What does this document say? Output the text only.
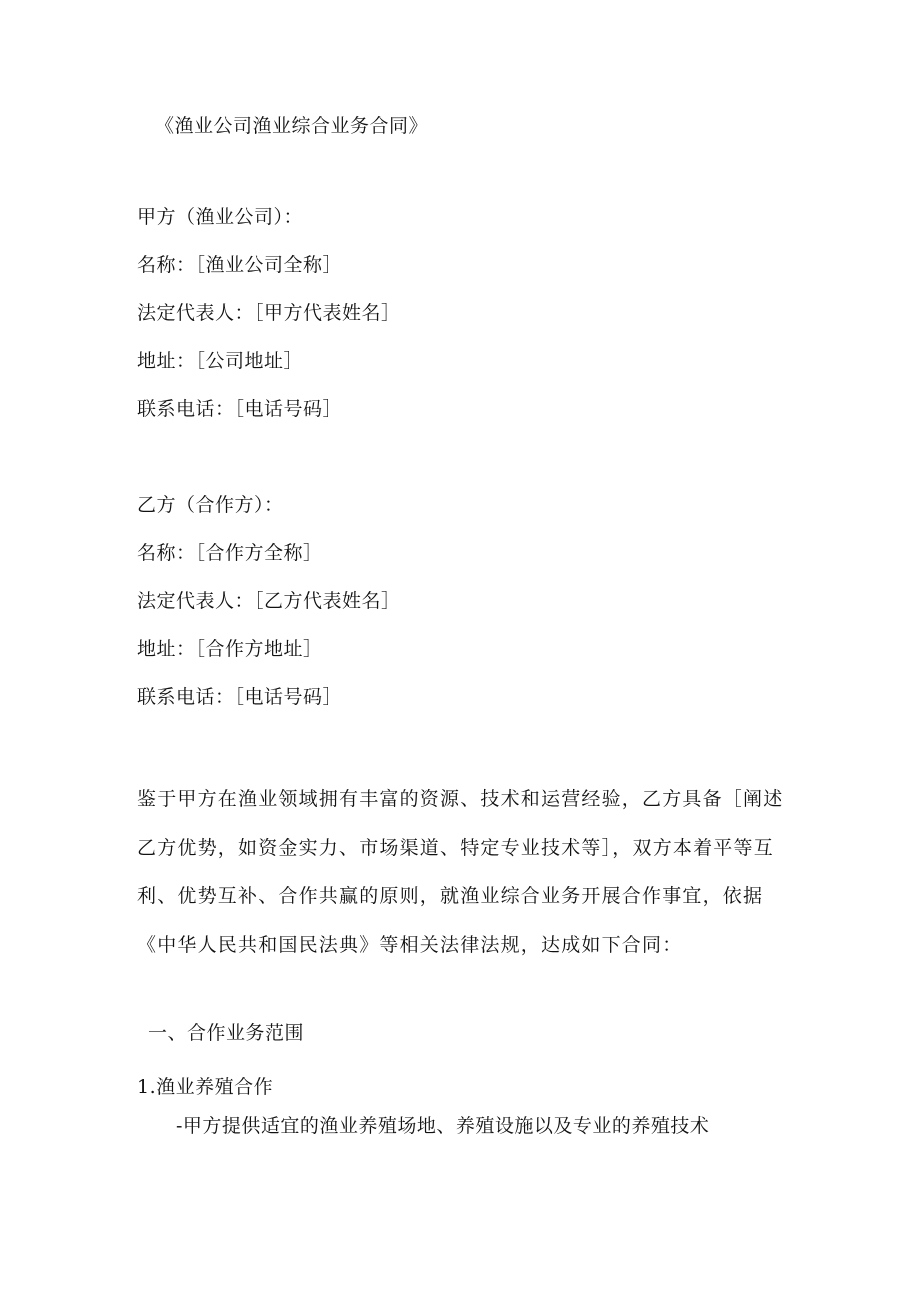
《渔业公司渔业综合业务合同》
甲方（渔业公司）：
名称：［渔业公司全称］
法定代表人：［甲方代表姓名］
地址：［公司地址］
联系电话：［电话号码］
乙方（合作方）：
名称：［合作方全称］
法定代表人：［乙方代表姓名］
地址：［合作方地址］
联系电话：［电话号码］
鉴于甲方在渔业领域拥有丰富的资源、技术和运营经验，乙方具备［阐述乙方优势，如资金实力、市场渠道、特定专业技术等］，双方本着平等互利、优势互补、合作共赢的原则，就渔业综合业务开展合作事宜，依据《中华人民共和国民法典》等相关法律法规，达成如下合同：
一、合作业务范围
1.渔业养殖合作
-甲方提供适宜的渔业养殖场地、养殖设施以及专业的养殖技术
